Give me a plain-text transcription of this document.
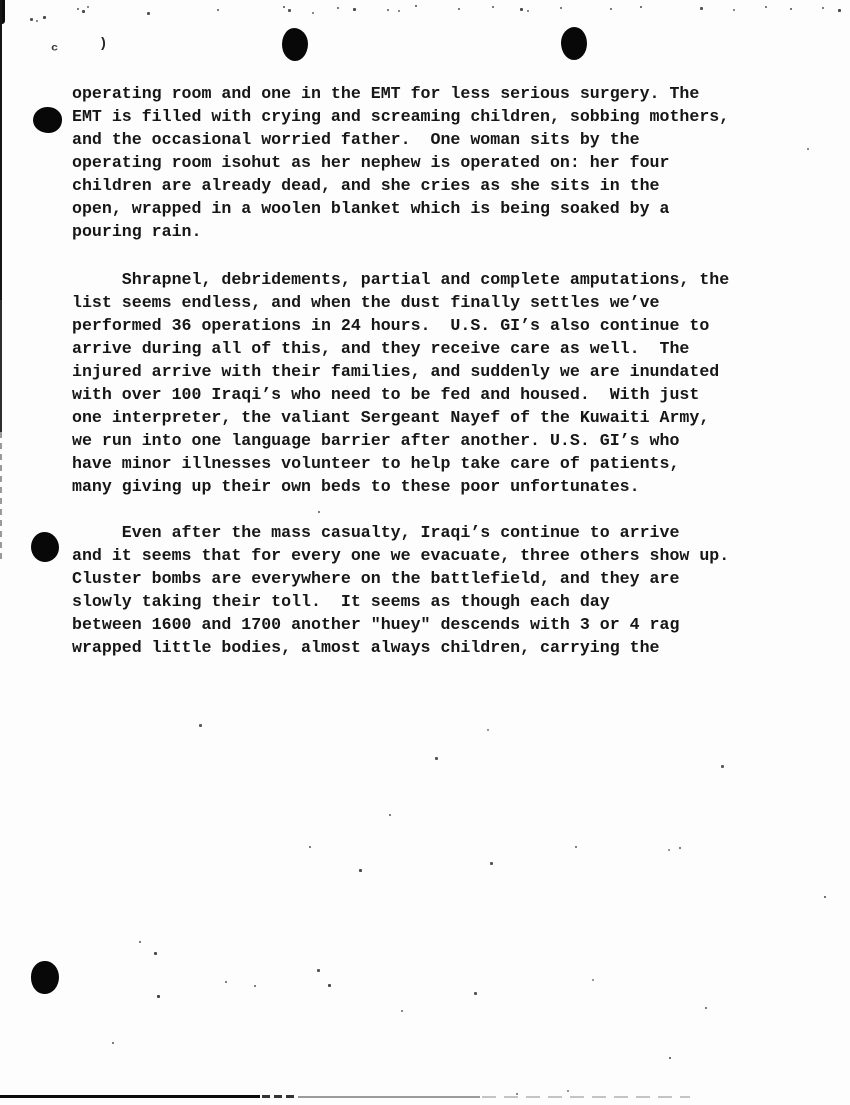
c	)
operating room and one in the EMT for less serious surgery. The
EMT is filled with crying and screaming children, sobbing mothers,
and the occasional worried father.  One woman sits by the
operating room isohut as her nephew is operated on: her four
children are already dead, and she cries as she sits in the
open, wrapped in a woolen blanket which is being soaked by a
pouring rain.
Shrapnel, debridements, partial and complete amputations, the
list seems endless, and when the dust finally settles we’ve
performed 36 operations in 24 hours.  U.S. GI’s also continue to
arrive during all of this, and they receive care as well.  The
injured arrive with their families, and suddenly we are inundated
with over 100 Iraqi’s who need to be fed and housed.  With just
one interpreter, the valiant Sergeant Nayef of the Kuwaiti Army,
we run into one language barrier after another. U.S. GI’s who
have minor illnesses volunteer to help take care of patients,
many giving up their own beds to these poor unfortunates.
Even after the mass casualty, Iraqi’s continue to arrive
and it seems that for every one we evacuate, three others show up.
Cluster bombs are everywhere on the battlefield, and they are
slowly taking their toll.  It seems as though each day
between 1600 and 1700 another "huey" descends with 3 or 4 rag
wrapped little bodies, almost always children, carrying the
